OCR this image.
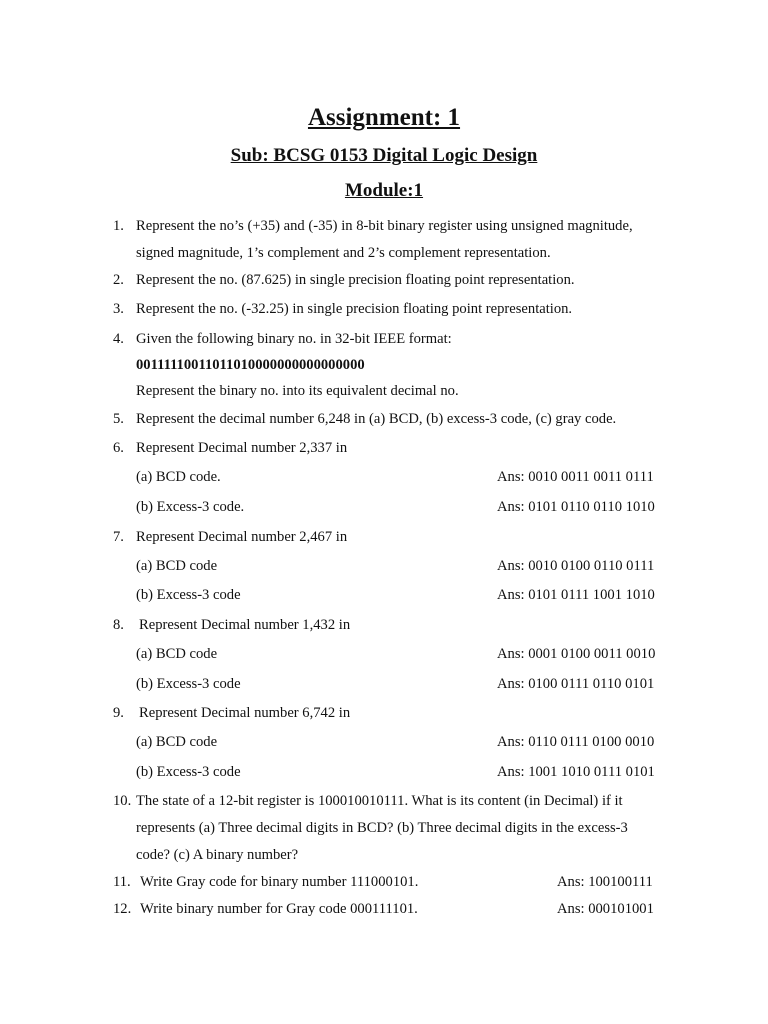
Assignment: 1
Sub: BCSG 0153 Digital Logic Design
Module:1
1. Represent the no’s (+35) and (-35) in 8-bit binary register using unsigned magnitude,
signed magnitude, 1’s complement and 2’s complement representation.
2. Represent the no. (87.625) in single precision floating point representation.
3. Represent the no. (-32.25) in single precision floating point representation.
4. Given the following binary no. in 32-bit IEEE format:
00111110011011010000000000000000
Represent the binary no. into its equivalent decimal no.
5. Represent the decimal number 6,248 in (a) BCD, (b) excess-3 code, (c) gray code.
6. Represent Decimal number 2,337 in
(a) BCD code.	Ans: 0010 0011 0011 0111
(b) Excess-3 code.	Ans: 0101 0110 0110 1010
7. Represent Decimal number 2,467 in
(a) BCD code	Ans: 0010 0100 0110 0111
(b) Excess-3 code	Ans: 0101 0111 1001 1010
8. Represent Decimal number 1,432 in
(a) BCD code	Ans: 0001 0100 0011 0010
(b) Excess-3 code	Ans: 0100 0111 0110 0101
9. Represent Decimal number 6,742 in
(a) BCD code	Ans: 0110 0111 0100 0010
(b) Excess-3 code	Ans: 1001 1010 0111 0101
10. The state of a 12-bit register is 100010010111. What is its content (in Decimal) if it
represents (a) Three decimal digits in BCD? (b) Three decimal digits in the excess-3
code? (c) A binary number?
11. Write Gray code for binary number 111000101.	Ans: 100100111
12. Write binary number for Gray code 000111101.	Ans: 000101001
